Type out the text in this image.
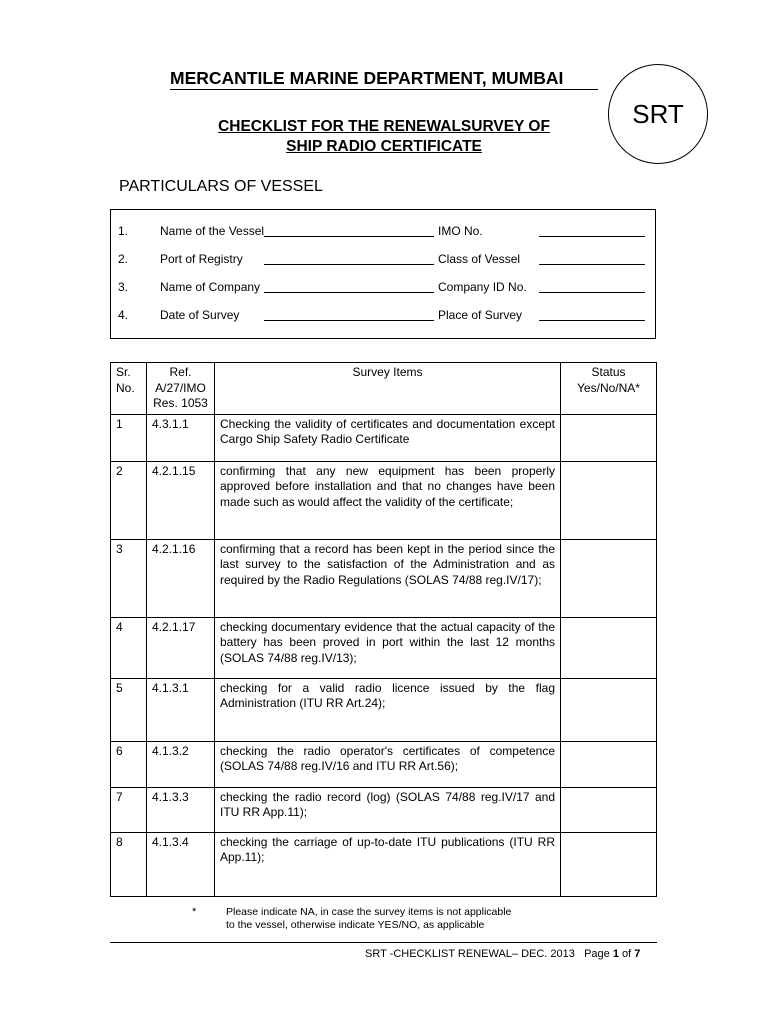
MERCANTILE MARINE DEPARTMENT, MUMBAI
SRT
CHECKLIST FOR THE RENEWALSURVEY OF
SHIP RADIO CERTIFICATE
PARTICULARS OF VESSEL
1.	Name of the Vessel	IMO No.
2.	Port of Registry	Class of Vessel
3.	Name of Company	Company ID No.
4.	Date of Survey	Place of Survey
Sr. No.	Ref. A/27/IMO Res. 1053	Survey Items	Status Yes/No/NA*
1	4.3.1.1	Checking the validity of certificates and documentation except Cargo Ship Safety Radio Certificate	
2	4.2.1.15	confirming that any new equipment has been properly approved before installation and that no changes have been made such as would affect the validity of the certificate;	
3	4.2.1.16	confirming that a record has been kept in the period since the last survey to the satisfaction of the Administration and as required by the Radio Regulations (SOLAS 74/88 reg.IV/17);	
4	4.2.1.17	checking documentary evidence that the actual capacity of the battery has been proved in port within the last 12 months (SOLAS 74/88 reg.IV/13);	
5	4.1.3.1	checking for a valid radio licence issued by the flag Administration (ITU RR Art.24);	
6	4.1.3.2	checking the radio operator's certificates of competence (SOLAS 74/88 reg.IV/16 and ITU RR Art.56);	
7	4.1.3.3	checking the radio record (log) (SOLAS 74/88 reg.IV/17 and ITU RR App.11);	
8	4.1.3.4	checking the carriage of up-to-date ITU publications (ITU RR App.11);	
*	Please indicate NA, in case the survey items is not applicable
to the vessel, otherwise indicate YES/NO, as applicable
SRT -CHECKLIST RENEWAL– DEC. 2013 Page 1 of 7
